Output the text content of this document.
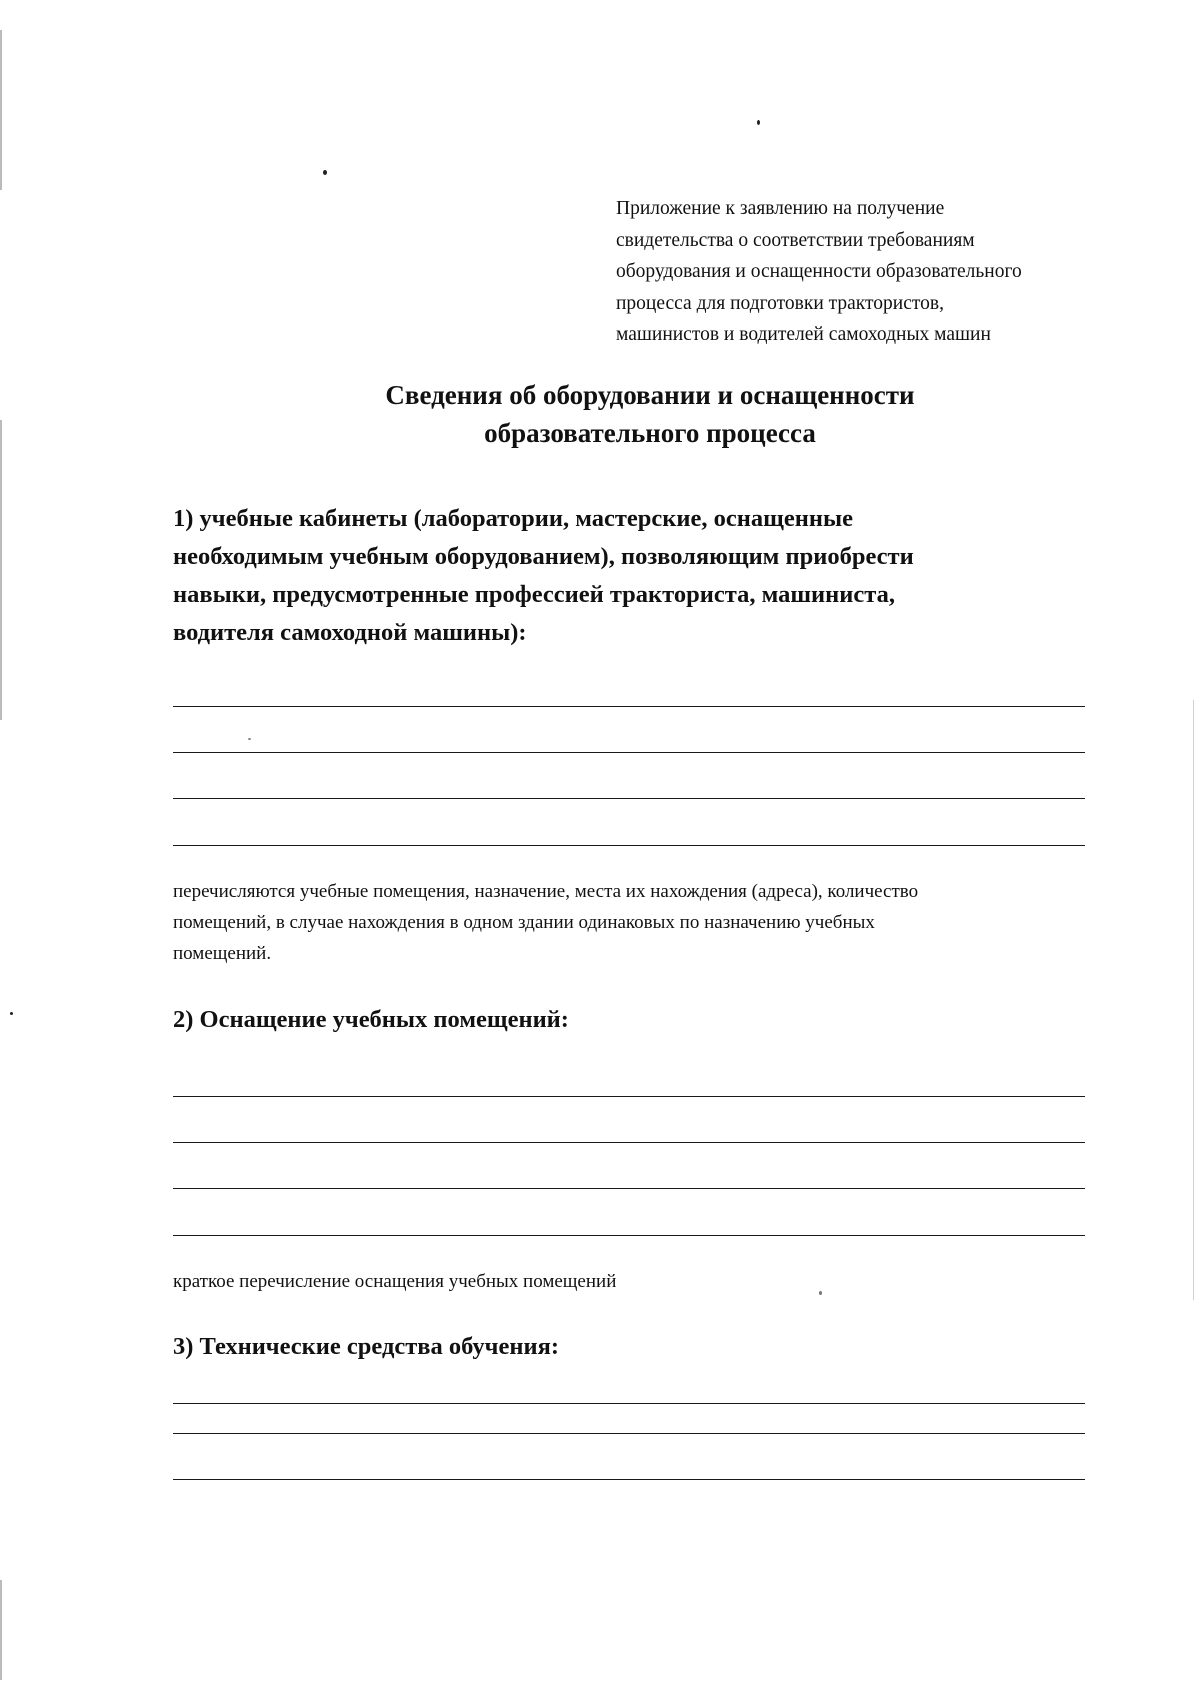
Приложение к заявлению на получение
свидетельства о соответствии требованиям
оборудования и оснащенности образовательного
процесса для подготовки трактористов,
машинистов и водителей самоходных машин
Сведения об оборудовании и оснащенности
образовательного процесса
1) учебные кабинеты (лаборатории, мастерские, оснащенные
необходимым учебным оборудованием), позволяющим приобрести
навыки, предусмотренные профессией тракториста, машиниста,
водителя самоходной машины):
перечисляются учебные помещения, назначение, места их нахождения (адреса), количество
помещений, в случае нахождения в одном здании одинаковых по назначению учебных
помещений.
2) Оснащение учебных помещений:
краткое перечисление оснащения учебных помещений
3) Технические средства обучения:
